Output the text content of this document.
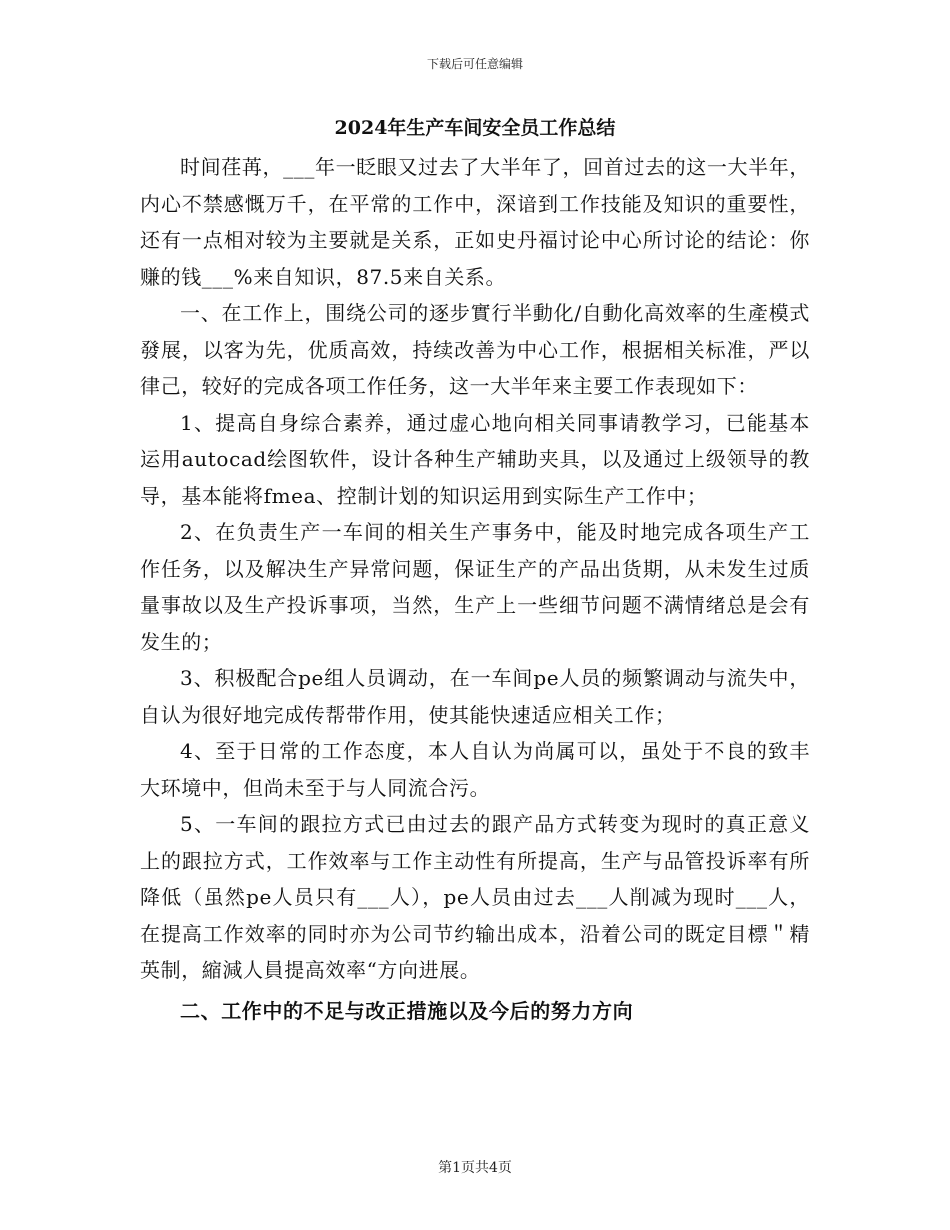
下载后可任意编辑
2024年生产车间安全员工作总结

时间荏苒，___年一眨眼又过去了大半年了，回首过去的这一大半年，内心不禁感慨万千，在平常的工作中，深谙到工作技能及知识的重要性，还有一点相对较为主要就是关系，正如史丹福讨论中心所讨论的结论：你赚的钱___%来自知识，87.5来自关系。

一、在工作上，围绕公司的逐步實行半動化/自動化高效率的生產模式發展，以客为先，优质高效，持续改善为中心工作，根据相关标准，严以律己，较好的完成各项工作任务，这一大半年来主要工作表现如下：

1、提高自身综合素养，通过虚心地向相关同事请教学习，已能基本运用autocad绘图软件，设计各种生产辅助夹具，以及通过上级领导的教导，基本能将fmea、控制计划的知识运用到实际生产工作中；

2、在负责生产一车间的相关生产事务中，能及时地完成各项生产工作任务，以及解决生产异常问题，保证生产的产品出货期，从未发生过质量事故以及生产投诉事项，当然，生产上一些细节问题不满情绪总是会有发生的；

3、积极配合pe组人员调动，在一车间pe人员的频繁调动与流失中，自认为很好地完成传帮带作用，使其能快速适应相关工作；

4、至于日常的工作态度，本人自认为尚属可以，虽处于不良的致丰大环境中，但尚未至于与人同流合污。

5、一车间的跟拉方式已由过去的跟产品方式转变为现时的真正意义上的跟拉方式，工作效率与工作主动性有所提高，生产与品管投诉率有所降低（虽然pe人员只有___人），pe人员由过去___人削减为现时___人，在提高工作效率的同时亦为公司节约输出成本，沿着公司的既定目標＂精英制，縮減人員提高效率“方向进展。

二、工作中的不足与改正措施以及今后的努力方向

第1页共4页
